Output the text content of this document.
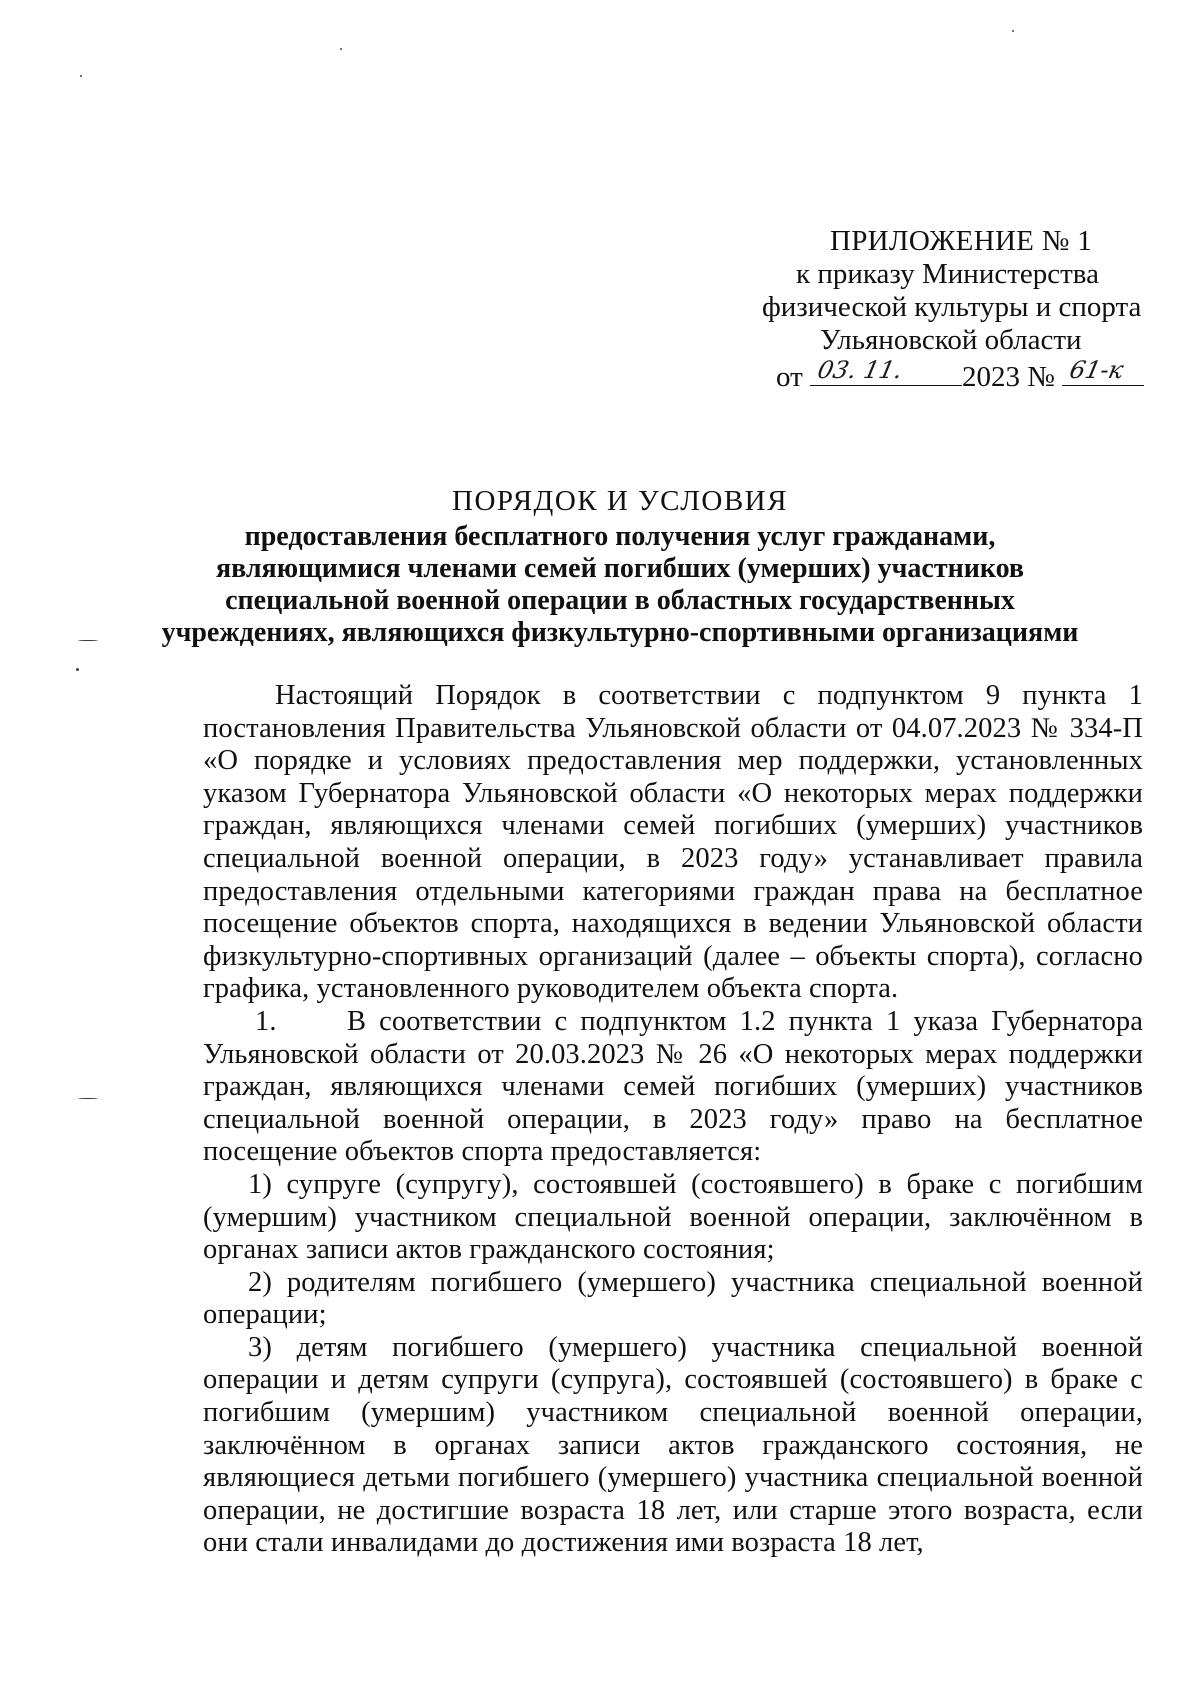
ПРИЛОЖЕНИЕ № 1
к приказу Министерства
физической культуры и спорта
Ульяновской области
от 03. 11. 2023 № 61-к
ПОРЯДОК И УСЛОВИЯ
предоставления бесплатного получения услуг гражданами,
являющимися членами семей погибших (умерших) участников
специальной военной операции в областных государственных
учреждениях, являющихся физкультурно-спортивными организациями

Настоящий Порядок в соответствии с подпунктом 9 пункта 1 постановления Правительства Ульяновской области от 04.07.2023 № 334-П «О порядке и условиях предоставления мер поддержки, установленных указом Губернатора Ульяновской области «О некоторых мерах поддержки граждан, являющихся членами семей погибших (умерших) участников специальной военной операции, в 2023 году» устанавливает правила предоставления отдельными категориями граждан права на бесплатное посещение объектов спорта, находящихся в ведении Ульяновской области физкультурно-спортивных организаций (далее – объекты спорта), согласно графика, установленного руководителем объекта спорта.

1. В соответствии с подпунктом 1.2 пункта 1 указа Губернатора Ульяновской области от 20.03.2023 № 26 «О некоторых мерах поддержки граждан, являющихся членами семей погибших (умерших) участников специальной военной операции, в 2023 году» право на бесплатное посещение объектов спорта предоставляется:

1) супруге (супругу), состоявшей (состоявшего) в браке с погибшим (умершим) участником специальной военной операции, заключённом в органах записи актов гражданского состояния;

2) родителям погибшего (умершего) участника специальной военной операции;

3) детям погибшего (умершего) участника специальной военной операции и детям супруги (супруга), состоявшей (состоявшего) в браке с погибшим (умершим) участником специальной военной операции, заключённом в органах записи актов гражданского состояния, не являющиеся детьми погибшего (умершего) участника специальной военной операции, не достигшие возраста 18 лет, или старше этого возраста, если они стали инвалидами до достижения ими возраста 18 лет,
